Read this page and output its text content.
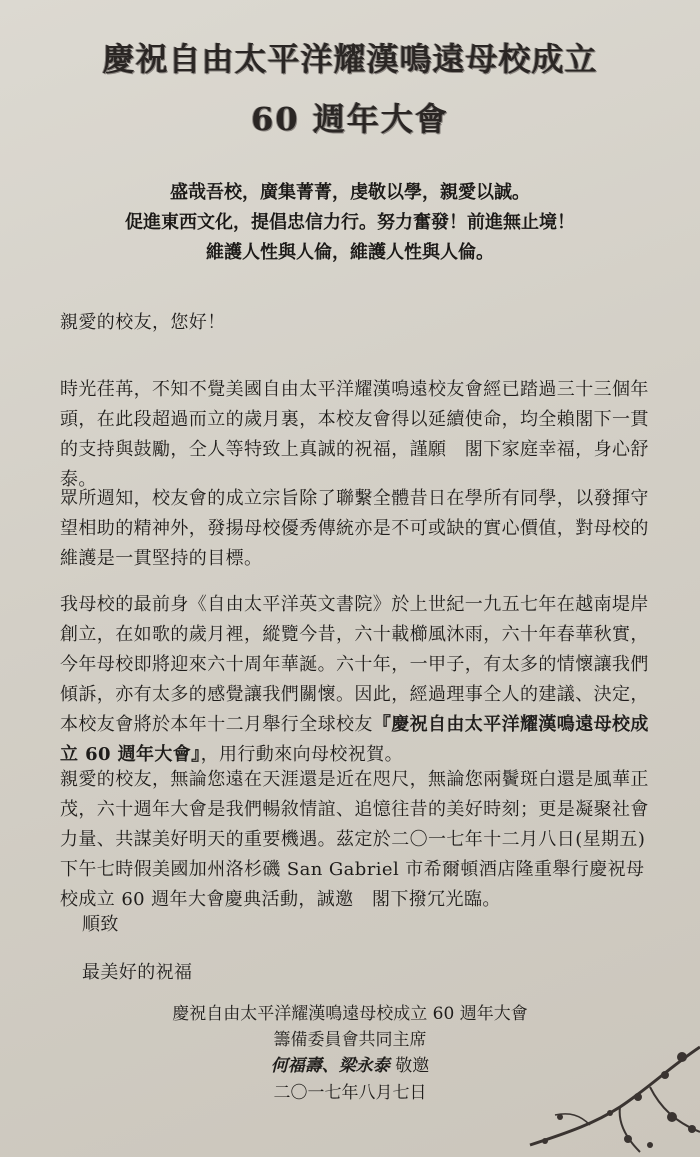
慶祝自由太平洋耀漢鳴遠母校成立
60 週年大會
盛哉吾校，廣集菁菁，虔敬以學，親愛以誠。
促進東西文化，提倡忠信力行。努力奮發！前進無止境！
維護人性與人倫，維護人性與人倫。
親愛的校友，您好！
時光荏苒，不知不覺美國自由太平洋耀漢鳴遠校友會經已踏過三十三個年頭，在此段超過而立的歲月裏，本校友會得以延續使命，均全賴閣下一貫的支持與鼓勵，仝人等特致上真誠的祝福，謹願　閣下家庭幸福，身心舒泰。
眾所週知，校友會的成立宗旨除了聯繫全體昔日在學所有同學，以發揮守望相助的精神外，發揚母校優秀傳統亦是不可或缺的實心價值，對母校的維護是一貫堅持的目標。
我母校的最前身《自由太平洋英文書院》於上世紀一九五七年在越南堤岸創立，在如歌的歲月裡，縱覽今昔，六十載櫛風沐雨，六十年春華秋實，今年母校即將迎來六十周年華誕。六十年，一甲子，有太多的情懷讓我們傾訴，亦有太多的感覺讓我們關懷。因此，經過理事仝人的建議、決定，本校友會將於本年十二月舉行全球校友『慶祝自由太平洋耀漢鳴遠母校成立 60 週年大會』，用行動來向母校祝賀。
親愛的校友，無論您遠在天涯還是近在咫尺，無論您兩鬢斑白還是風華正茂，六十週年大會是我們暢敘情誼、追憶往昔的美好時刻；更是凝聚社會力量、共謀美好明天的重要機遇。茲定於二〇一七年十二月八日(星期五)下午七時假美國加州洛杉磯 San Gabriel 市希爾頓酒店隆重舉行慶祝母校成立 60 週年大會慶典活動，誠邀　閣下撥冗光臨。
順致
最美好的祝福
慶祝自由太平洋耀漢鳴遠母校成立 60 週年大會
籌備委員會共同主席
何福壽、梁永泰 敬邀
二〇一七年八月七日
